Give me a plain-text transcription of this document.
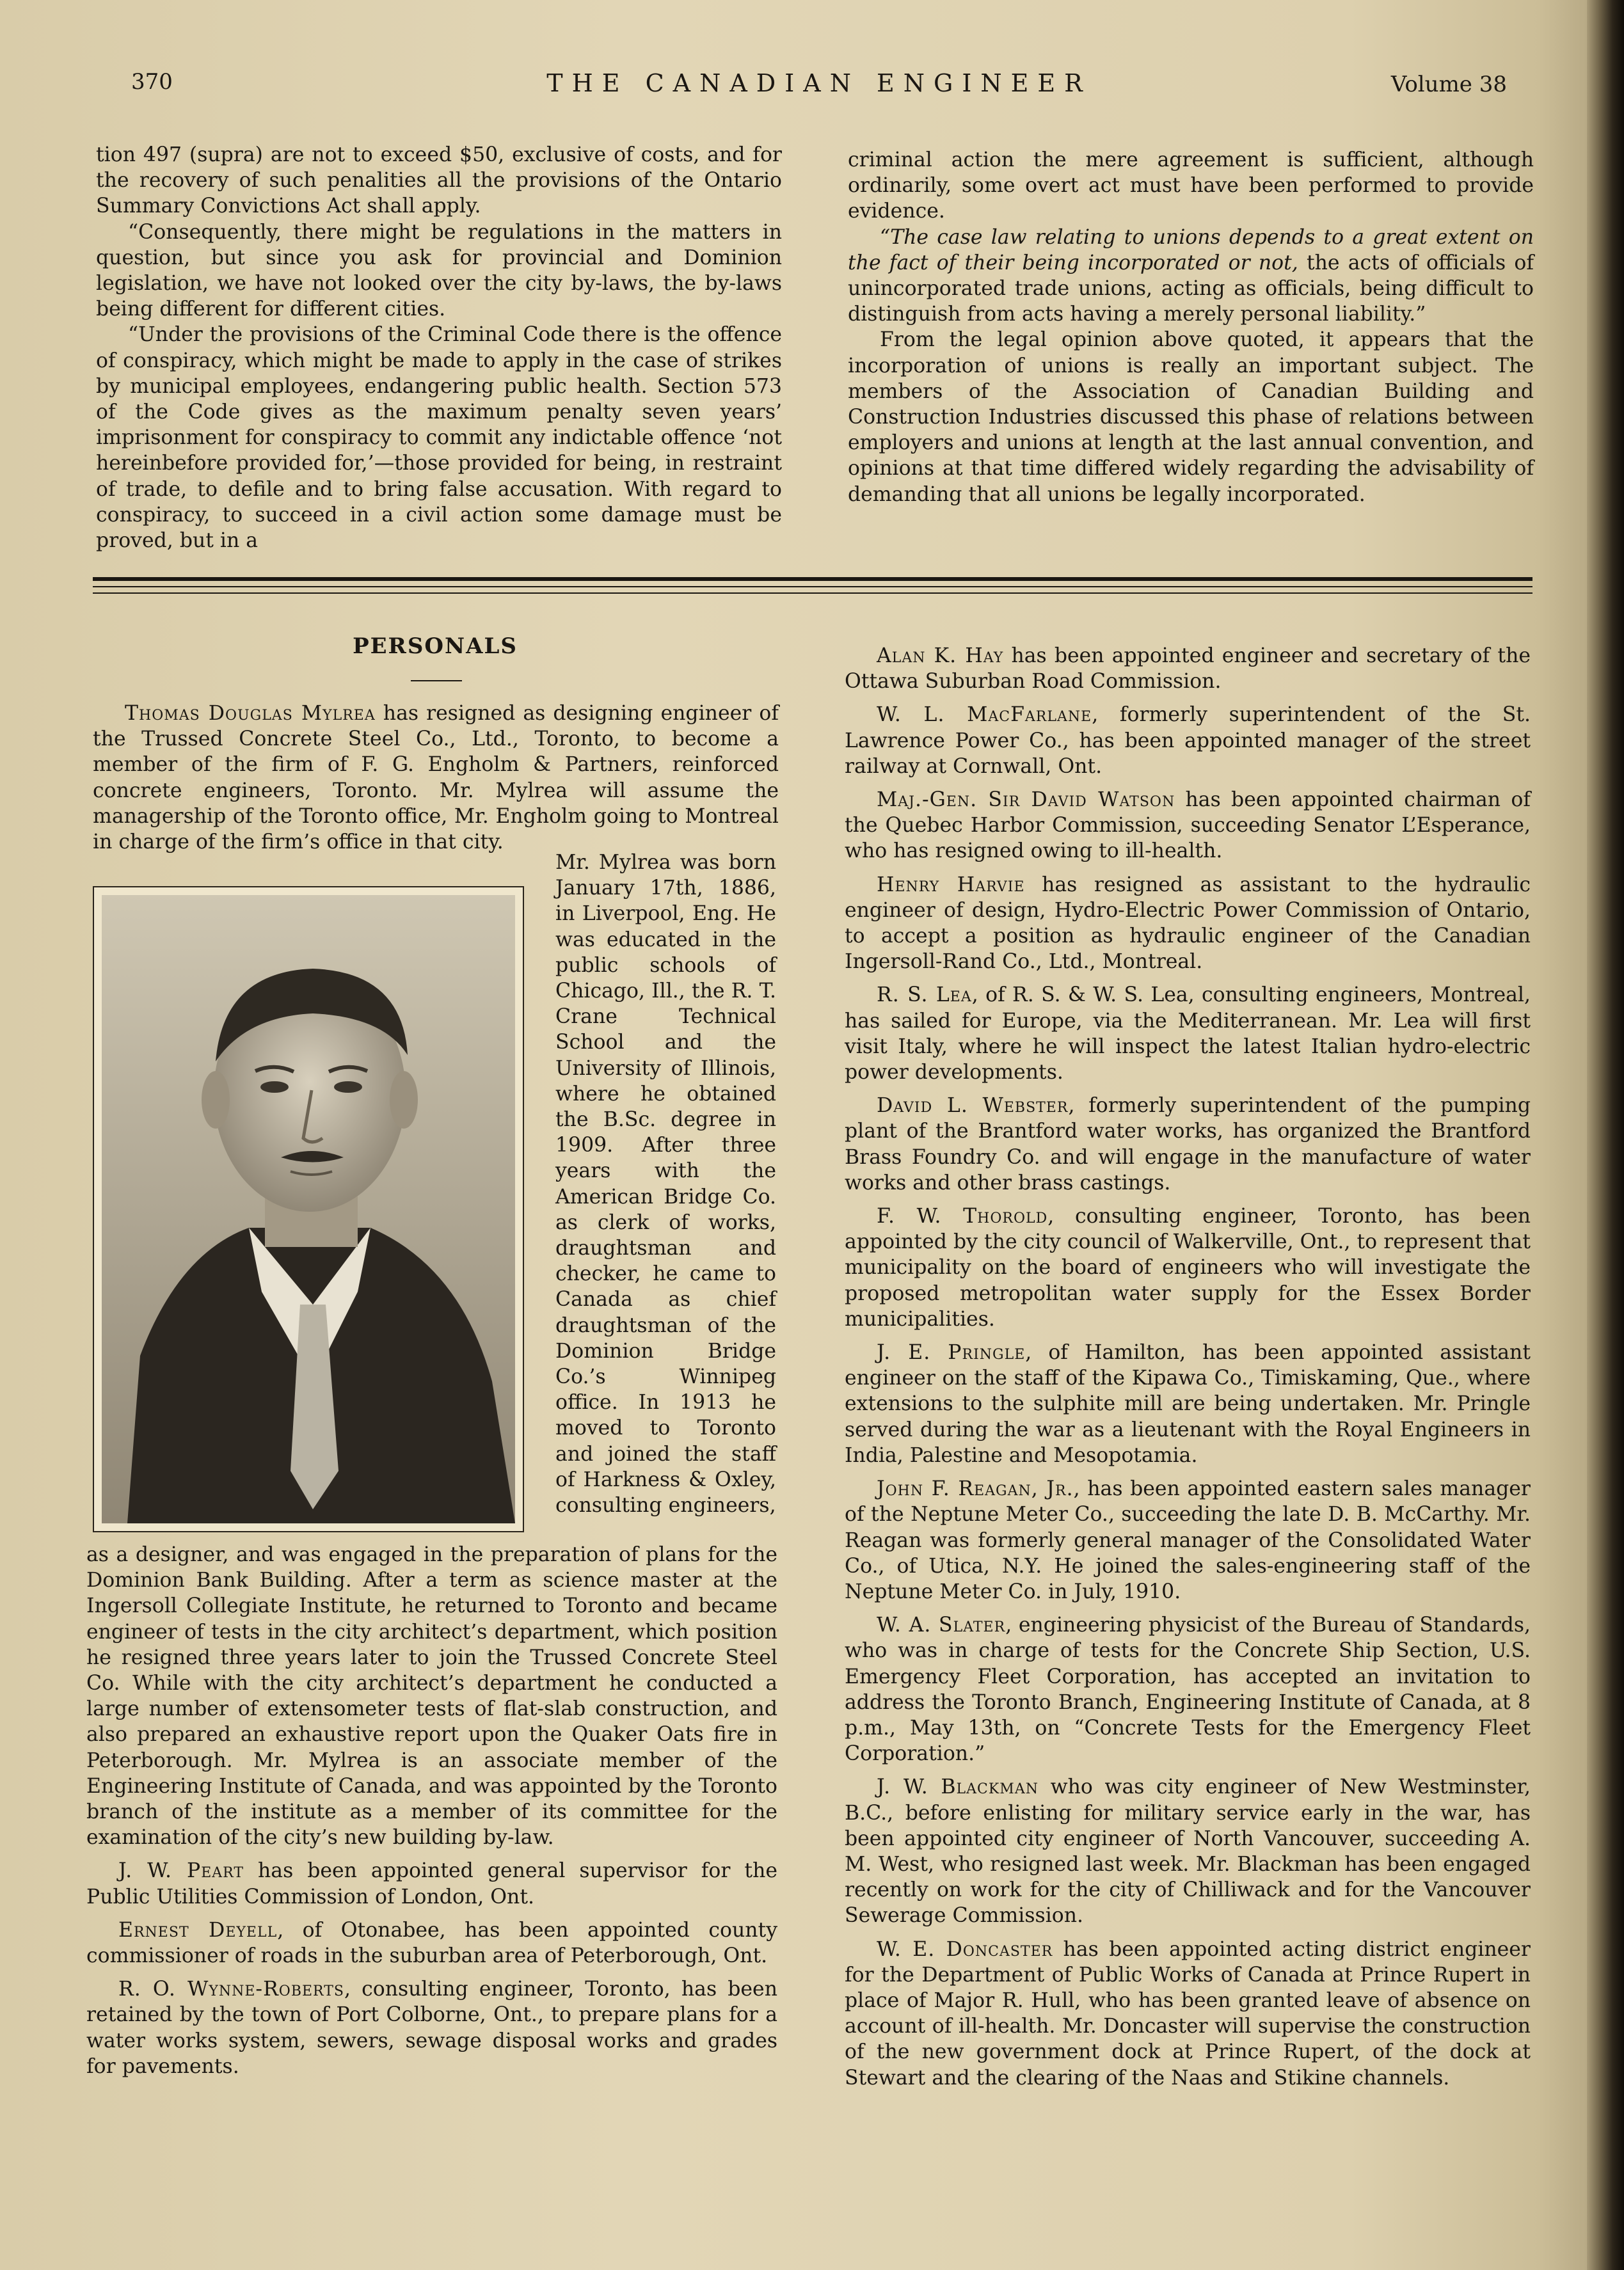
370	THE CANADIAN ENGINEER	Volume 38

tion 497 (supra) are not to exceed $50, exclusive of costs, and for the recovery of such penalities all the provisions of the Ontario Summary Convictions Act shall apply.

“Consequently, there might be regulations in the matters in question, but since you ask for provincial and Dominion legislation, we have not looked over the city by-laws, the by-laws being different for different cities.

“Under the provisions of the Criminal Code there is the offence of conspiracy, which might be made to apply in the case of strikes by municipal employees, endangering public health. Section 573 of the Code gives as the maximum penalty seven years’ imprisonment for conspiracy to commit any indictable offence ‘not hereinbefore provided for,’—those provided for being, in restraint of trade, to defile and to bring false accusation. With regard to conspiracy, to succeed in a civil action some damage must be proved, but in a

criminal action the mere agreement is sufficient, although ordinarily, some overt act must have been performed to provide evidence.

“The case law relating to unions depends to a great extent on the fact of their being incorporated or not, the acts of officials of unincorporated trade unions, acting as officials, being difficult to distinguish from acts having a merely personal liability.”

From the legal opinion above quoted, it appears that the incorporation of unions is really an important subject. The members of the Association of Canadian Building and Construction Industries discussed this phase of relations between employers and unions at length at the last annual convention, and opinions at that time differed widely regarding the advisability of demanding that all unions be legally incorporated.

PERSONALS

Thomas Douglas Mylrea has resigned as designing engineer of the Trussed Concrete Steel Co., Ltd., Toronto, to become a member of the firm of F. G. Engholm & Partners, reinforced concrete engineers, Toronto. Mr. Mylrea will assume the managership of the Toronto office, Mr. Engholm going to Montreal in charge of the firm’s office in that city.

Mr. Mylrea was born January 17th, 1886, in Liverpool, Eng. He was educated in the public schools of Chicago, Ill., the R. T. Crane Technical School and the University of Illinois, where he obtained the B.Sc. degree in 1909. After three years with the American Bridge Co. as clerk of works, draughtsman and checker, he came to Canada as chief draughtsman of the Dominion Bridge Co.’s Winnipeg office. In 1913 he moved to Toronto and joined the staff of Harkness & Oxley, consulting engineers,

as a designer, and was engaged in the preparation of plans for the Dominion Bank Building. After a term as science master at the Ingersoll Collegiate Institute, he returned to Toronto and became engineer of tests in the city architect’s department, which position he resigned three years later to join the Trussed Concrete Steel Co. While with the city architect’s department he conducted a large number of extensometer tests of flat-slab construction, and also prepared an exhaustive report upon the Quaker Oats fire in Peterborough. Mr. Mylrea is an associate member of the Engineering Institute of Canada, and was appointed by the Toronto branch of the institute as a member of its committee for the examination of the city’s new building by-law.

J. W. Peart has been appointed general supervisor for the Public Utilities Commission of London, Ont.

Ernest Deyell, of Otonabee, has been appointed county commissioner of roads in the suburban area of Peterborough, Ont.

R. O. Wynne-Roberts, consulting engineer, Toronto, has been retained by the town of Port Colborne, Ont., to prepare plans for a water works system, sewers, sewage disposal works and grades for pavements.

Alan K. Hay has been appointed engineer and secretary of the Ottawa Suburban Road Commission.

W. L. MacFarlane, formerly superintendent of the St. Lawrence Power Co., has been appointed manager of the street railway at Cornwall, Ont.

Maj.-Gen. Sir David Watson has been appointed chairman of the Quebec Harbor Commission, succeeding Senator L’Esperance, who has resigned owing to ill-health.

Henry Harvie has resigned as assistant to the hydraulic engineer of design, Hydro-Electric Power Commission of Ontario, to accept a position as hydraulic engineer of the Canadian Ingersoll-Rand Co., Ltd., Montreal.

R. S. Lea, of R. S. & W. S. Lea, consulting engineers, Montreal, has sailed for Europe, via the Mediterranean. Mr. Lea will first visit Italy, where he will inspect the latest Italian hydro-electric power developments.

David L. Webster, formerly superintendent of the pumping plant of the Brantford water works, has organized the Brantford Brass Foundry Co. and will engage in the manufacture of water works and other brass castings.

F. W. Thorold, consulting engineer, Toronto, has been appointed by the city council of Walkerville, Ont., to represent that municipality on the board of engineers who will investigate the proposed metropolitan water supply for the Essex Border municipalities.

J. E. Pringle, of Hamilton, has been appointed assistant engineer on the staff of the Kipawa Co., Timiskaming, Que., where extensions to the sulphite mill are being undertaken. Mr. Pringle served during the war as a lieutenant with the Royal Engineers in India, Palestine and Mesopotamia.

John F. Reagan, Jr., has been appointed eastern sales manager of the Neptune Meter Co., succeeding the late D. B. McCarthy. Mr. Reagan was formerly general manager of the Consolidated Water Co., of Utica, N.Y. He joined the sales-engineering staff of the Neptune Meter Co. in July, 1910.

W. A. Slater, engineering physicist of the Bureau of Standards, who was in charge of tests for the Concrete Ship Section, U.S. Emergency Fleet Corporation, has accepted an invitation to address the Toronto Branch, Engineering Institute of Canada, at 8 p.m., May 13th, on “Concrete Tests for the Emergency Fleet Corporation.”

J. W. Blackman who was city engineer of New Westminster, B.C., before enlisting for military service early in the war, has been appointed city engineer of North Vancouver, succeeding A. M. West, who resigned last week. Mr. Blackman has been engaged recently on work for the city of Chilliwack and for the Vancouver Sewerage Commission.

W. E. Doncaster has been appointed acting district engineer for the Department of Public Works of Canada at Prince Rupert in place of Major R. Hull, who has been granted leave of absence on account of ill-health. Mr. Doncaster will supervise the construction of the new government dock at Prince Rupert, of the dock at Stewart and the clearing of the Naas and Stikine channels.
